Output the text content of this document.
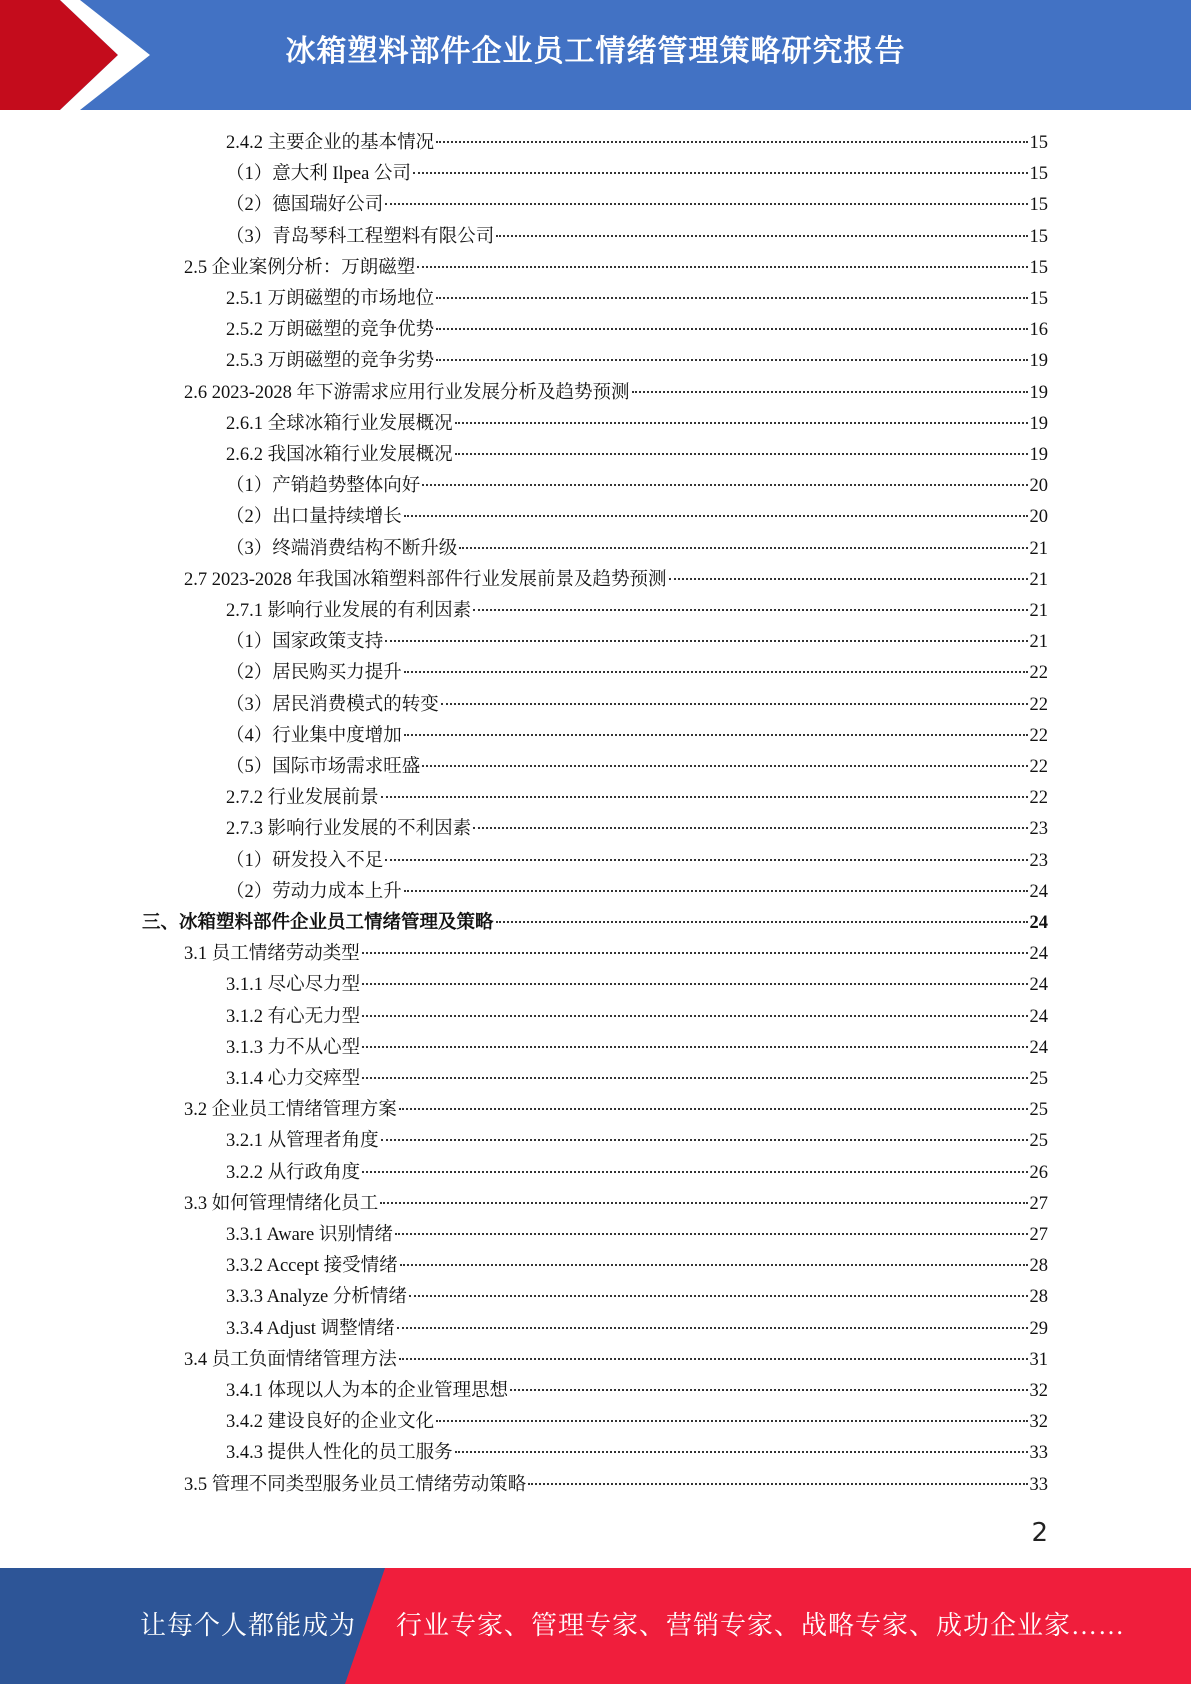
冰箱塑料部件企业员工情绪管理策略研究报告
2.4.2 主要企业的基本情况	15
（1）意大利 Ilpea 公司	15
（2）德国瑞好公司	15
（3）青岛琴科工程塑料有限公司	15
2.5 企业案例分析：万朗磁塑	15
2.5.1 万朗磁塑的市场地位	15
2.5.2 万朗磁塑的竞争优势	16
2.5.3 万朗磁塑的竞争劣势	19
2.6 2023-2028 年下游需求应用行业发展分析及趋势预测	19
2.6.1 全球冰箱行业发展概况	19
2.6.2 我国冰箱行业发展概况	19
（1）产销趋势整体向好	20
（2）出口量持续增长	20
（3）终端消费结构不断升级	21
2.7 2023-2028 年我国冰箱塑料部件行业发展前景及趋势预测	21
2.7.1 影响行业发展的有利因素	21
（1）国家政策支持	21
（2）居民购买力提升	22
（3）居民消费模式的转变	22
（4）行业集中度增加	22
（5）国际市场需求旺盛	22
2.7.2 行业发展前景	22
2.7.3 影响行业发展的不利因素	23
（1）研发投入不足	23
（2）劳动力成本上升	24
三、冰箱塑料部件企业员工情绪管理及策略	24
3.1 员工情绪劳动类型	24
3.1.1 尽心尽力型	24
3.1.2 有心无力型	24
3.1.3 力不从心型	24
3.1.4 心力交瘁型	25
3.2 企业员工情绪管理方案	25
3.2.1 从管理者角度	25
3.2.2 从行政角度	26
3.3 如何管理情绪化员工	27
3.3.1 Aware 识别情绪	27
3.3.2 Accept 接受情绪	28
3.3.3 Analyze 分析情绪	28
3.3.4 Adjust 调整情绪	29
3.4 员工负面情绪管理方法	31
3.4.1 体现以人为本的企业管理思想	32
3.4.2 建设良好的企业文化	32
3.4.3 提供人性化的员工服务	33
3.5 管理不同类型服务业员工情绪劳动策略	33
2
让每个人都能成为 行业专家、管理专家、营销专家、战略专家、成功企业家……
